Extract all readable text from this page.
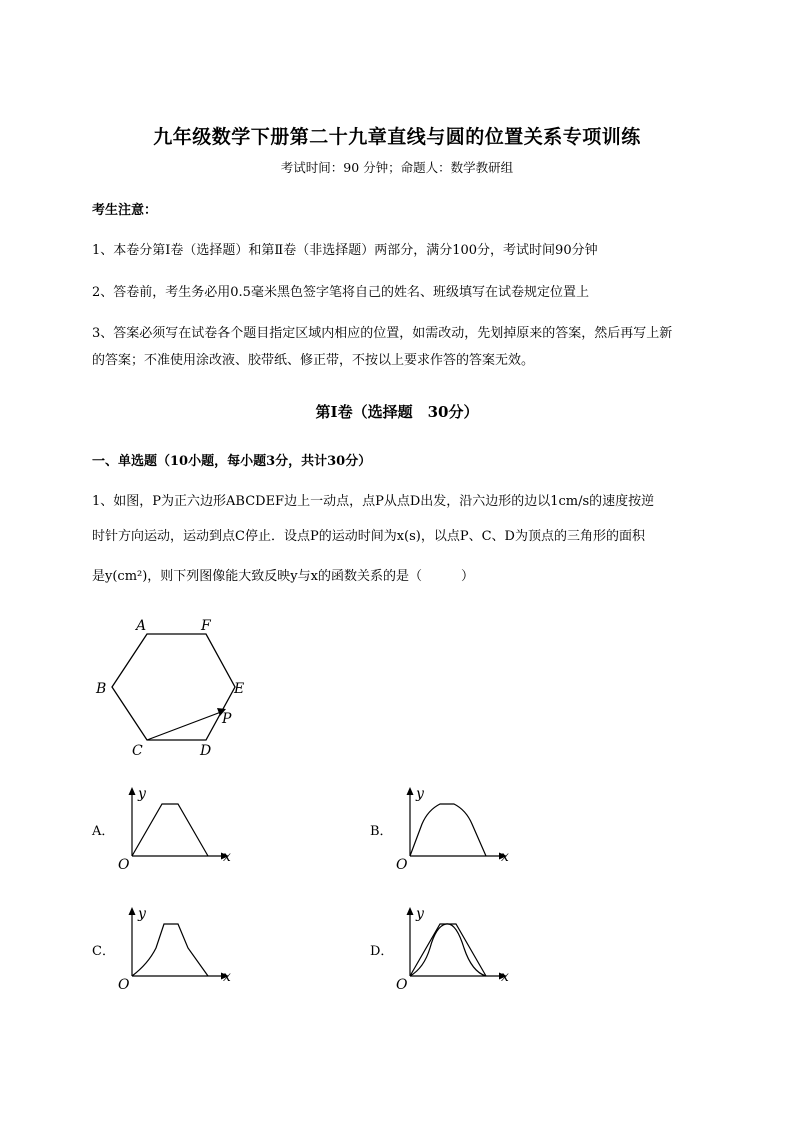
九年级数学下册第二十九章直线与圆的位置关系专项训练
考试时间：90 分钟；命题人：数学教研组
考生注意：
1、本卷分第Ⅰ卷（选择题）和第Ⅱ卷（非选择题）两部分，满分100分，考试时间90分钟
2、答卷前，考生务必用0.5毫米黑色签字笔将自己的姓名、班级填写在试卷规定位置上
3、答案必须写在试卷各个题目指定区域内相应的位置，如需改动，先划掉原来的答案，然后再写上新
的答案；不准使用涂改液、胶带纸、修正带，不按以上要求作答的答案无效。
第Ⅰ卷（选择题　30分）
一、单选题（10小题，每小题3分，共计30分）
1、如图，P为正六边形ABCDEF边上一动点，点P从点D出发，沿六边形的边以1cm/s的速度按逆
时针方向运动，运动到点C停止．设点P的运动时间为x(s)，以点P、C、D为顶点的三角形的面积
是y(cm²)，则下列图像能大致反映y与x的函数关系的是（　　　）
A	F
B	E
P
C	D
A．
y
x
O
B．
y
x
O
C．
y
x
O
D．
y
x
O
